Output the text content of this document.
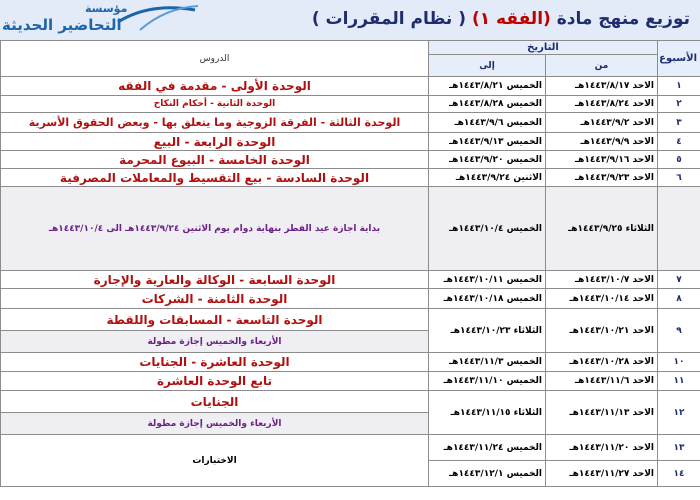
توزيع منهج مادة (الفقه ١) ( نظام المقررات )
مؤسسة
التحاضير الحديثة
الأسبوع	التاريخ		الدروس
	من	إلى	
١	الاحد ١٤٤٣/٨/١٧هـ	الخميس ١٤٤٣/٨/٢١هـ	الوحدة الأولى - مقدمة في الفقه
٢	الاحد ١٤٤٣/٨/٢٤هـ	الخميس ١٤٤٣/٨/٢٨هـ	الوحدة الثانية - أحكام النكاح
٣	الاحد ١٤٤٣/٩/٢هـ	الخميس ١٤٤٣/٩/٦هـ	الوحدة الثالثة - الفرقة الزوجية وما يتعلق بها - وبعض الحقوق الأسرية
٤	الاحد ١٤٤٣/٩/٩هـ	الخميس ١٤٤٣/٩/١٣هـ	الوحدة الرابعة - البيع
٥	الاحد ١٤٤٣/٩/١٦هـ	الخميس ١٤٤٣/٩/٢٠هـ	الوحدة الخامسة - البيوع المحرمة
٦	الاحد ١٤٤٣/٩/٢٣هـ	الاثنين ١٤٤٣/٩/٢٤هـ	الوحدة السادسة - بيع التقسيط والمعاملات المصرفية
	الثلاثاء ١٤٤٣/٩/٢٥هـ	الخميس ١٤٤٣/١٠/٤هـ	بداية اجازة عيد الفطر بنهاية دوام يوم الاثنين ١٤٤٣/٩/٢٤هـ الى ١٤٤٣/١٠/٤هـ
٧	الاحد ١٤٤٣/١٠/٧هـ	الخميس ١٤٤٣/١٠/١١هـ	الوحدة السابعة - الوكالة والعارية والإجارة
٨	الاحد ١٤٤٣/١٠/١٤هـ	الخميس ١٤٤٣/١٠/١٨هـ	الوحدة الثامنة - الشركات
٩	الاحد ١٤٤٣/١٠/٢١هـ	الثلاثاء ١٤٤٣/١٠/٢٣هـ	الوحدة التاسعة - المسابقات واللقطة
			الأربعاء والخميس إجازة مطولة
١٠	الاحد ١٤٤٣/١٠/٢٨هـ	الخميس ١٤٤٣/١١/٣هـ	الوحدة العاشرة - الجنايات
١١	الاحد ١٤٤٣/١١/٦هـ	الخميس ١٤٤٣/١١/١٠هـ	تابع الوحدة العاشرة
١٢	الاحد ١٤٤٣/١١/١٣هـ	الثلاثاء ١٤٤٣/١١/١٥هـ	الجنايات
			الأربعاء والخميس إجازة مطولة
١٣	الاحد ١٤٤٣/١١/٢٠هـ	الخميس ١٤٤٣/١١/٢٤هـ	الاختبارات
١٤	الاحد ١٤٤٣/١١/٢٧هـ	الخميس ١٤٤٣/١٢/١هـ	
